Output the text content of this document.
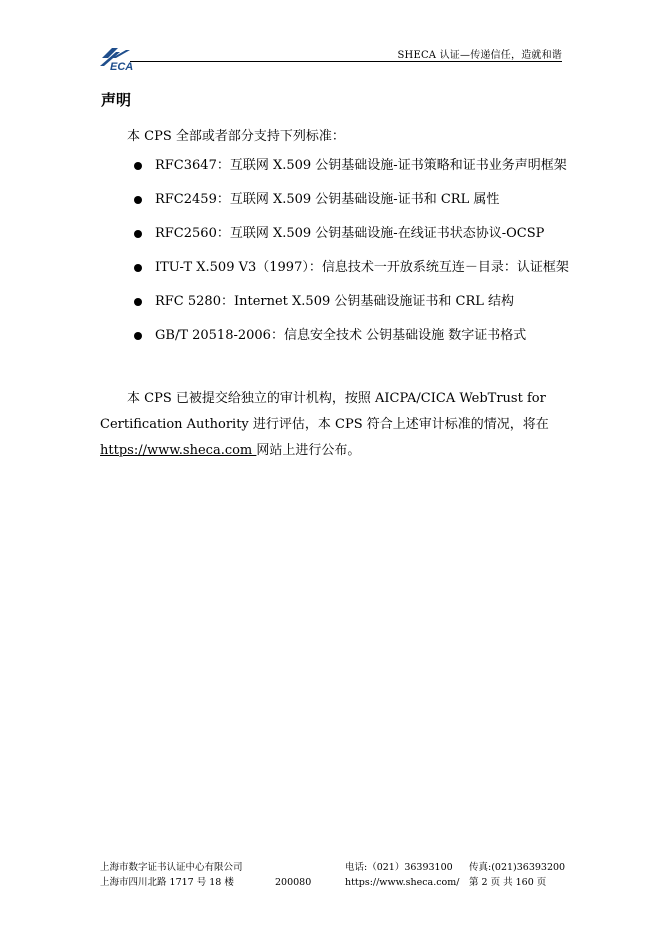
ECA
SHECA 认证—传递信任，造就和谐
声明

本 CPS 全部或者部分支持下列标准：

RFC3647：互联网 X.509 公钥基础设施-证书策略和证书业务声明框架
RFC2459：互联网 X.509 公钥基础设施-证书和 CRL 属性
RFC2560：互联网 X.509 公钥基础设施-在线证书状态协议-OCSP
ITU-T X.509 V3（1997）：信息技术一开放系统互连－目录：认证框架
RFC 5280：Internet X.509 公钥基础设施证书和 CRL 结构
GB/T 20518-2006：信息安全技术 公钥基础设施 数字证书格式
本 CPS 已被提交给独立的审计机构，按照 AICPA/CICA WebTrust for
Certification Authority 进行评估，本 CPS 符合上述审计标准的情况，将在
https://www.sheca.com 网站上进行公布。
上海市数字证书认证中心有限公司
上海市四川北路 1717 号 18 楼	200080
电话:（021）36393100
https://www.sheca.com/
传真:(021)36393200
第 2 页 共 160 页
